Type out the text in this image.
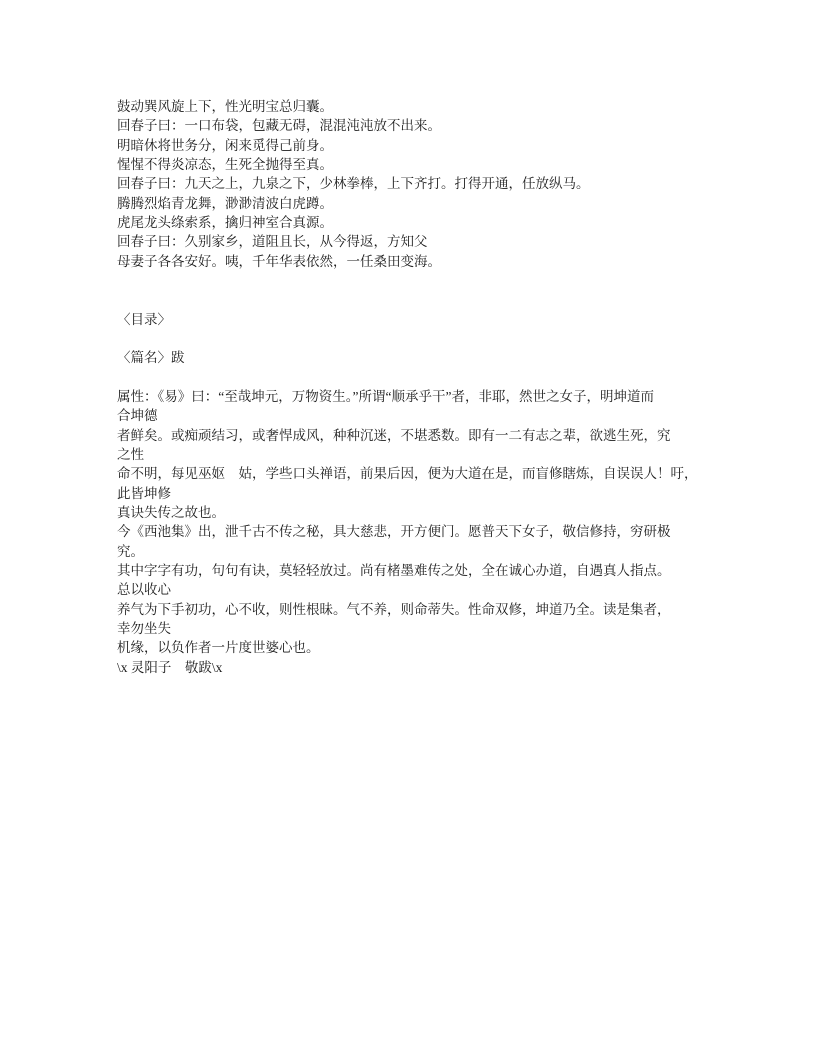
鼓动巽风旋上下，性光明宝总归囊。
回春子曰：一口布袋，包藏无碍，混混沌沌放不出来。
明暗休将世务分，闲来觅得己前身。
惺惺不得炎凉态，生死全抛得至真。
回春子曰：九天之上，九泉之下，少林拳棒，上下齐打。打得开通，任放纵马。
腾腾烈焰青龙舞，渺渺清波白虎蹲。
虎尾龙头绦索系，擒归神室合真源。
回春子曰：久别家乡，道阻且长，从今得返，方知父
母妻子各各安好。咦，千年华表依然，一任桑田变海。
〈目录〉
〈篇名〉跋
属性：《易》曰：“至哉坤元，万物资生。”所谓“顺承乎干”者，非耶，然世之女子，明坤道而
合坤德
者鲜矣。或痴顽结习，或奢悍成风，种种沉迷，不堪悉数。即有一二有志之辈，欲逃生死，究
之性
命不明，每见巫妪　姑，学些口头禅语，前果后因，便为大道在是，而盲修瞎炼，自误误人！吁，
此皆坤修
真诀失传之故也。
今《西池集》出，泄千古不传之秘，具大慈悲，开方便门。愿普天下女子，敬信修持，穷研极
究。
其中字字有功，句句有诀，莫轻轻放过。尚有楮墨难传之处，全在诚心办道，自遇真人指点。
总以收心
养气为下手初功，心不收，则性根昧。气不养，则命蒂失。性命双修，坤道乃全。读是集者，
幸勿坐失
机缘，以负作者一片度世婆心也。
\x 灵阳子　敬跋\x
